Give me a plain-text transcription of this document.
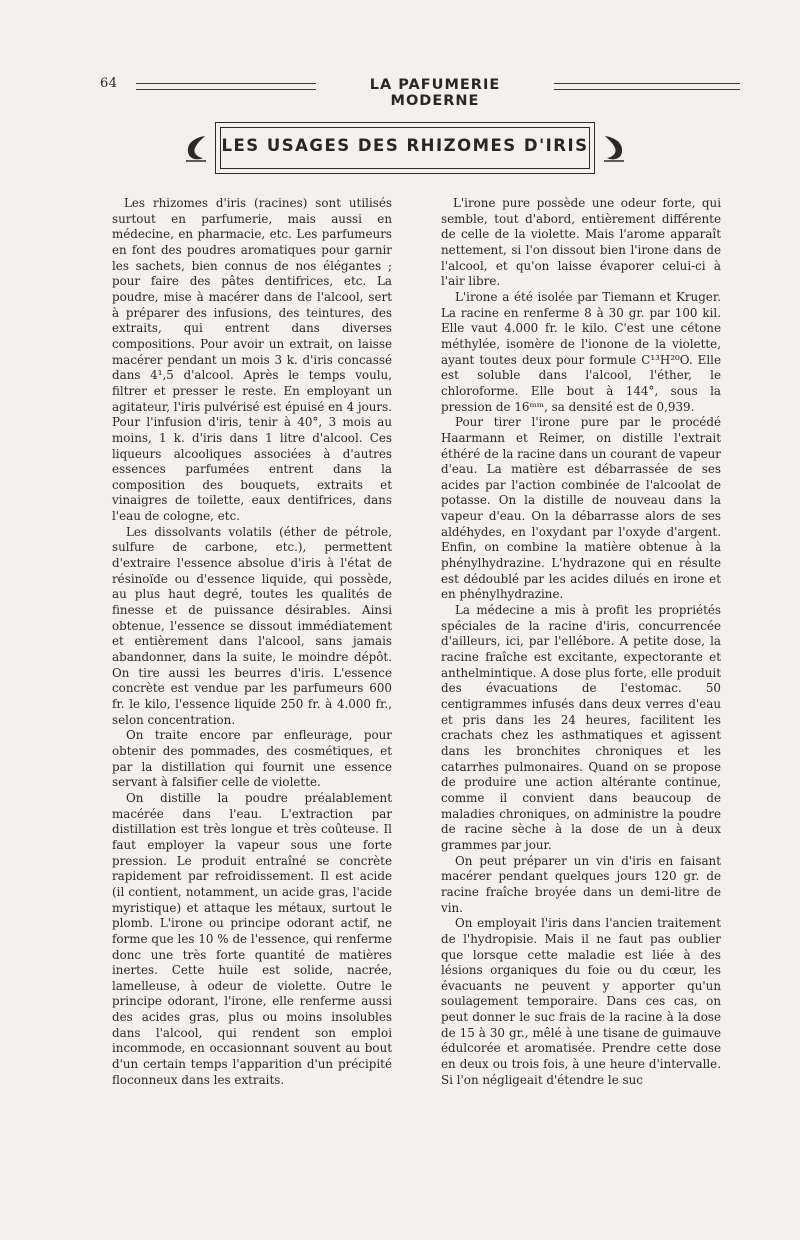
64	LA PAFUMERIE MODERNE
LES USAGES DES RHIZOMES D'IRIS

Les rhizomes d'iris (racines) sont utilisés surtout en parfumerie, mais aussi en médecine, en pharmacie, etc. Les parfumeurs en font des poudres aromatiques pour garnir les sachets, bien connus de nos élégantes ; pour faire des pâtes dentifrices, etc. La poudre, mise à macérer dans de l'alcool, sert à préparer des infusions, des teintures, des extraits, qui entrent dans diverses compositions. Pour avoir un extrait, on laisse macérer pendant un mois 3 k. d'iris concassé dans 4¹,5 d'alcool. Après le temps voulu, filtrer et presser le reste. En employant un agitateur, l'iris pulvérisé est épuisé en 4 jours. Pour l'infusion d'iris, tenir à 40°, 3 mois au moins, 1 k. d'iris dans 1 litre d'alcool. Ces liqueurs alcooliques associées à d'autres essences parfumées entrent dans la composition des bouquets, extraits et vinaigres de toilette, eaux dentifrices, dans l'eau de cologne, etc.

Les dissolvants volatils (éther de pétrole, sulfure de carbone, etc.), permettent d'extraire l'essence absolue d'iris à l'état de résinoïde ou d'essence liquide, qui possède, au plus haut degré, toutes les qualités de finesse et de puissance désirables. Ainsi obtenue, l'essence se dissout immédiatement et entièrement dans l'alcool, sans jamais abandonner, dans la suite, le moindre dépôt. On tire aussi les beurres d'iris. L'essence concrète est vendue par les parfumeurs 600 fr. le kilo, l'essence liquide 250 fr. à 4.000 fr., selon concentration.

On traite encore par enfleurage, pour obtenir des pommades, des cosmétiques, et par la distillation qui fournit une essence servant à falsifier celle de violette.

On distille la poudre préalablement macérée dans l'eau. L'extraction par distillation est très longue et très coûteuse. Il faut employer la vapeur sous une forte pression. Le produit entraîné se concrète rapidement par refroidissement. Il est acide (il contient, notamment, un acide gras, l'acide myristique) et attaque les métaux, surtout le plomb. L'irone ou principe odorant actif, ne forme que les 10 % de l'essence, qui renferme donc une très forte quantité de matières inertes. Cette huile est solide, nacrée, lamelleuse, à odeur de violette. Outre le principe odorant, l'irone, elle renferme aussi des acides gras, plus ou moins insolubles dans l'alcool, qui rendent son emploi incommode, en occasionnant souvent au bout d'un certain temps l'apparition d'un précipité floconneux dans les extraits.

L'irone pure possède une odeur forte, qui semble, tout d'abord, entièrement différente de celle de la violette. Mais l'arome apparaît nettement, si l'on dissout bien l'irone dans de l'alcool, et qu'on laisse évaporer celui-ci à l'air libre.

L'irone a été isolée par Tiemann et Kruger. La racine en renferme 8 à 30 gr. par 100 kil. Elle vaut 4.000 fr. le kilo. C'est une cétone méthylée, isomère de l'ionone de la violette, ayant toutes deux pour formule C¹³H²⁰O. Elle est soluble dans l'alcool, l'éther, le chloroforme. Elle bout à 144°, sous la pression de 16ᵐᵐ, sa densité est de 0,939.

Pour tirer l'irone pure par le procédé Haarmann et Reimer, on distille l'extrait éthéré de la racine dans un courant de vapeur d'eau. La matière est débarrassée de ses acides par l'action combinée de l'alcoolat de potasse. On la distille de nouveau dans la vapeur d'eau. On la débarrasse alors de ses aldéhydes, en l'oxydant par l'oxyde d'argent. Enfin, on combine la matière obtenue à la phénylhydrazine. L'hydrazone qui en résulte est dédoublé par les acides dilués en irone et en phénylhydrazine.

La médecine a mis à profit les propriétés spéciales de la racine d'iris, concurrencée d'ailleurs, ici, par l'ellébore. A petite dose, la racine fraîche est excitante, expectorante et anthelmintique. A dose plus forte, elle produit des évacuations de l'estomac. 50 centigrammes infusés dans deux verres d'eau et pris dans les 24 heures, facilitent les crachats chez les asthmatiques et agissent dans les bronchites chroniques et les catarrhes pulmonaires. Quand on se propose de produire une action altérante continue, comme il convient dans beaucoup de maladies chroniques, on administre la poudre de racine sèche à la dose de un à deux grammes par jour.

On peut préparer un vin d'iris en faisant macérer pendant quelques jours 120 gr. de racine fraîche broyée dans un demi-litre de vin.

On employait l'iris dans l'ancien traitement de l'hydropisie. Mais il ne faut pas oublier que lorsque cette maladie est liée à des lésions organiques du foie ou du cœur, les évacuants ne peuvent y apporter qu'un soulagement temporaire. Dans ces cas, on peut donner le suc frais de la racine à la dose de 15 à 30 gr., mêlé à une tisane de guimauve édulcorée et aromatisée. Prendre cette dose en deux ou trois fois, à une heure d'intervalle. Si l'on négligeait d'étendre le suc
